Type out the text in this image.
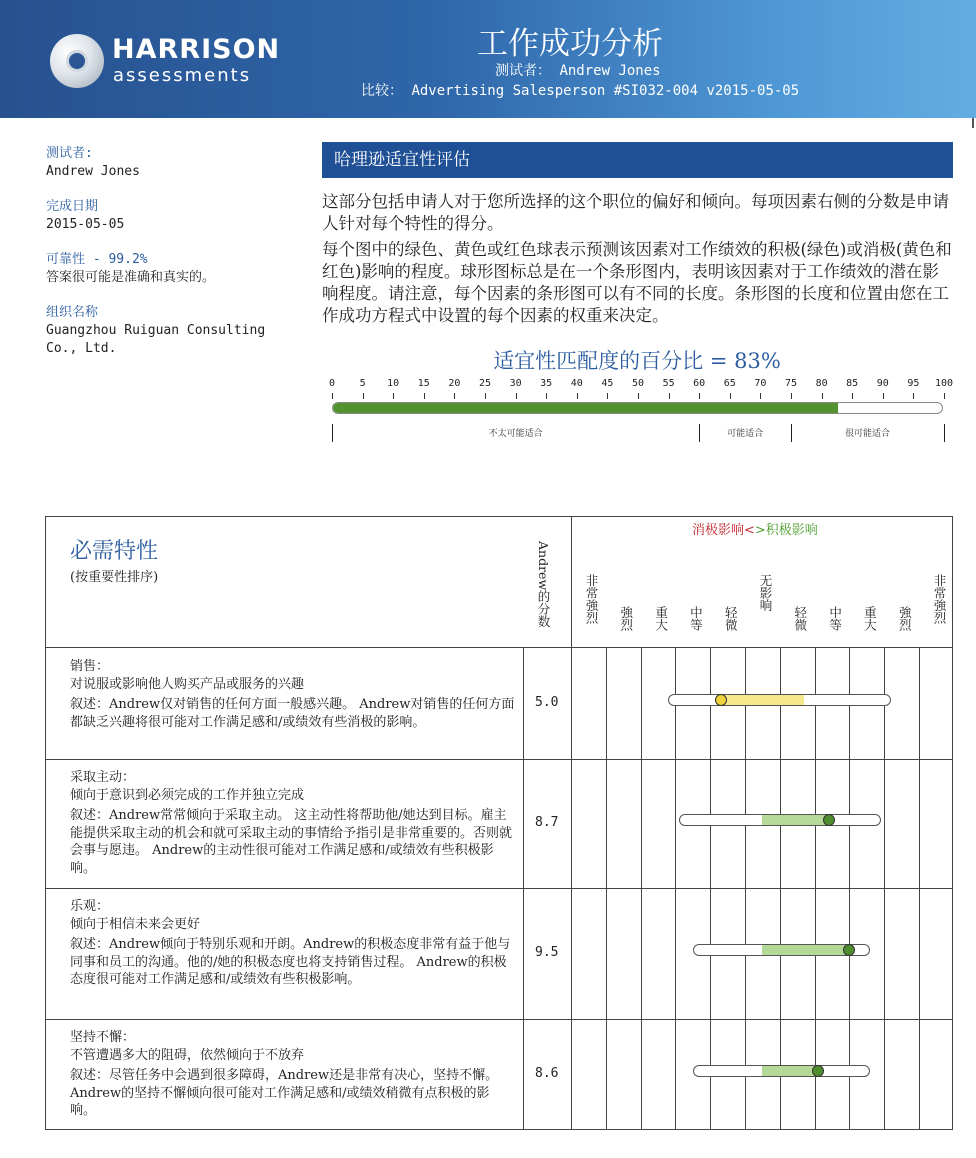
HARRISON
assessments
工作成功分析
测试者： Andrew Jones
比较： Advertising Salesperson #SI032-004 v2015-05-05

测试者:

Andrew Jones

完成日期

2015-05-05

可靠性 - 99.2%

答案很可能是准确和真实的。

组织名称

Guangzhou Ruiguan Consulting Co., Ltd.

哈理逊适宜性评估

这部分包括申请人对于您所选择的这个职位的偏好和倾向。每项因素右侧的分数是申请人针对每个特性的得分。

每个图中的绿色、黄色或红色球表示预测该因素对工作绩效的积极(绿色)或消极(黄色和红色)影响的程度。球形图标总是在一个条形图内，表明该因素对于工作绩效的潜在影响程度。请注意，每个因素的条形图可以有不同的长度。条形图的长度和位置由您在工作成功方程式中设置的每个因素的权重来决定。

适宜性匹配度的百分比 = 83%
0 5 10 15 20 25 30 35 40 45 50 55 60 65 70 75 80 85 90 95 100
不太可能适合	可能适合	很可能适合
必需特性
(按重要性排序)
消极影响<>积极影响
Andrew的分数	非常強烈 強烈 重大 中等 轻微
无影响
轻微 中等 重大 強烈 非常強烈

销售：

对说服或影响他人购买产品或服务的兴趣

叙述：Andrew仅对销售的任何方面一般感兴趣。 Andrew对销售的任何方面都缺乏兴趣将很可能对工作满足感和/或绩效有些消极的影响。

5.0

采取主动：

倾向于意识到必须完成的工作并独立完成

叙述：Andrew常常倾向于采取主动。 这主动性将帮助他/她达到目标。雇主能提供采取主动的机会和就可采取主动的事情给予指引是非常重要的。否则就会事与愿违。 Andrew的主动性很可能对工作满足感和/或绩效有些积极影响。

8.7

乐观：

倾向于相信未来会更好

叙述：Andrew倾向于特别乐观和开朗。Andrew的积极态度非常有益于他与同事和员工的沟通。他的/她的积极态度也将支持销售过程。 Andrew的积极态度很可能对工作满足感和/或绩效有些积极影响。

9.5

坚持不懈：

不管遭遇多大的阻碍，依然倾向于不放弃

叙述：尽管任务中会遇到很多障碍，Andrew还是非常有决心，坚持不懈。 Andrew的坚持不懈倾向很可能对工作满足感和/或绩效稍微有点积极的影响。

8.6
